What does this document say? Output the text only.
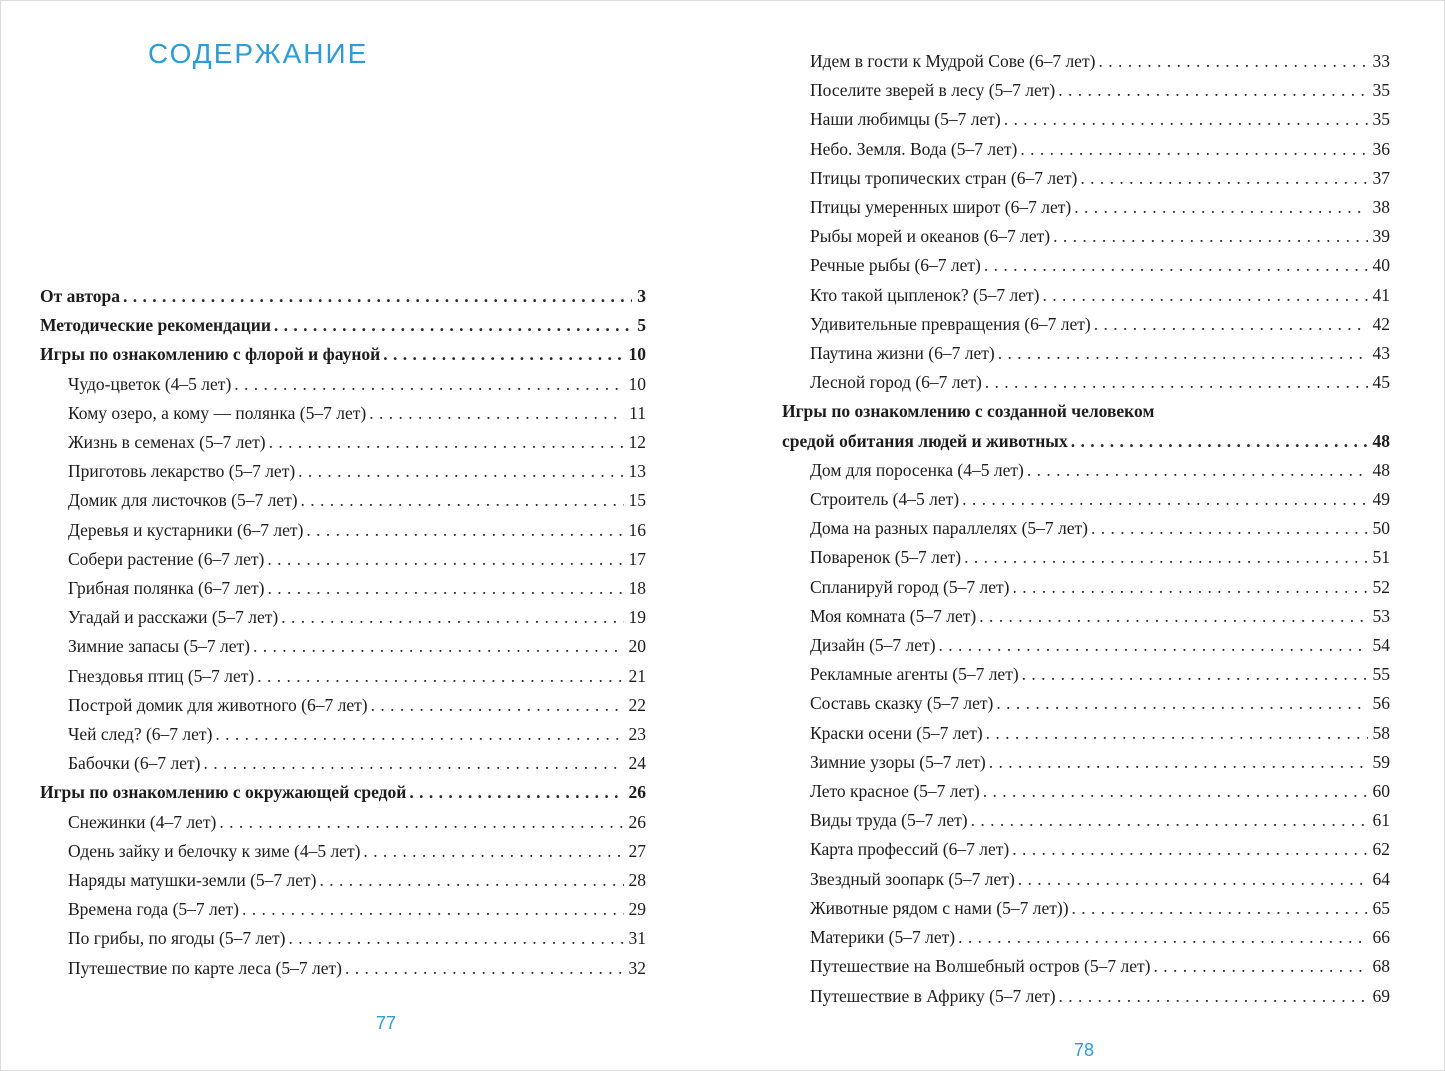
СОДЕРЖАНИЕ
От автора . . .	3
Методические рекомендации . . .	5
Игры по ознакомлению с флорой и фауной . . .	10
Чудо-цветок (4–5 лет) . . .	10
Кому озеро, а кому — полянка (5–7 лет) . . .	11
Жизнь в семенах (5–7 лет) . . .	12
Приготовь лекарство (5–7 лет) . . .	13
Домик для листочков (5–7 лет) . . .	15
Деревья и кустарники (6–7 лет) . . .	16
Собери растение (6–7 лет) . . .	17
Грибная полянка (6–7 лет) . . .	18
Угадай и расскажи (5–7 лет) . . .	19
Зимние запасы (5–7 лет) . . .	20
Гнездовья птиц (5–7 лет) . . .	21
Построй домик для животного (6–7 лет) . . .	22
Чей след? (6–7 лет) . . .	23
Бабочки (6–7 лет) . . .	24
Игры по ознакомлению с окружающей средой . . .	26
Снежинки (4–7 лет) . . .	26
Одень зайку и белочку к зиме (4–5 лет) . . .	27
Наряды матушки-земли (5–7 лет) . . .	28
Времена года (5–7 лет) . . .	29
По грибы, по ягоды (5–7 лет) . . .	31
Путешествие по карте леса (5–7 лет) . . .	32
Идем в гости к Мудрой Сове (6–7 лет) . . .	33
Поселите зверей в лесу (5–7 лет) . . .	35
Наши любимцы (5–7 лет) . . .	35
Небо. Земля. Вода (5–7 лет) . . .	36
Птицы тропических стран (6–7 лет) . . .	37
Птицы умеренных широт (6–7 лет) . . .	38
Рыбы морей и океанов (6–7 лет) . . .	39
Речные рыбы (6–7 лет) . . .	40
Кто такой цыпленок? (5–7 лет) . . .	41
Удивительные превращения (6–7 лет) . . .	42
Паутина жизни (6–7 лет) . . .	43
Лесной город (6–7 лет) . . .	45
Игры по ознакомлению с созданной человеком
средой обитания людей и животных . . .	48
Дом для поросенка (4–5 лет) . . .	48
Строитель (4–5 лет) . . .	49
Дома на разных параллелях (5–7 лет) . . .	50
Поваренок (5–7 лет) . . .	51
Спланируй город (5–7 лет) . . .	52
Моя комната (5–7 лет) . . .	53
Дизайн (5–7 лет) . . .	54
Рекламные агенты (5–7 лет) . . .	55
Составь сказку (5–7 лет) . . .	56
Краски осени (5–7 лет) . . .	58
Зимние узоры (5–7 лет) . . .	59
Лето красное (5–7 лет) . . .	60
Виды труда (5–7 лет) . . .	61
Карта профессий (6–7 лет) . . .	62
Звездный зоопарк (5–7 лет) . . .	64
Животные рядом с нами (5–7 лет)) . . .	65
Материки (5–7 лет) . . .	66
Путешествие на Волшебный остров (5–7 лет) . . .	68
Путешествие в Африку (5–7 лет) . . .	69
77
78
